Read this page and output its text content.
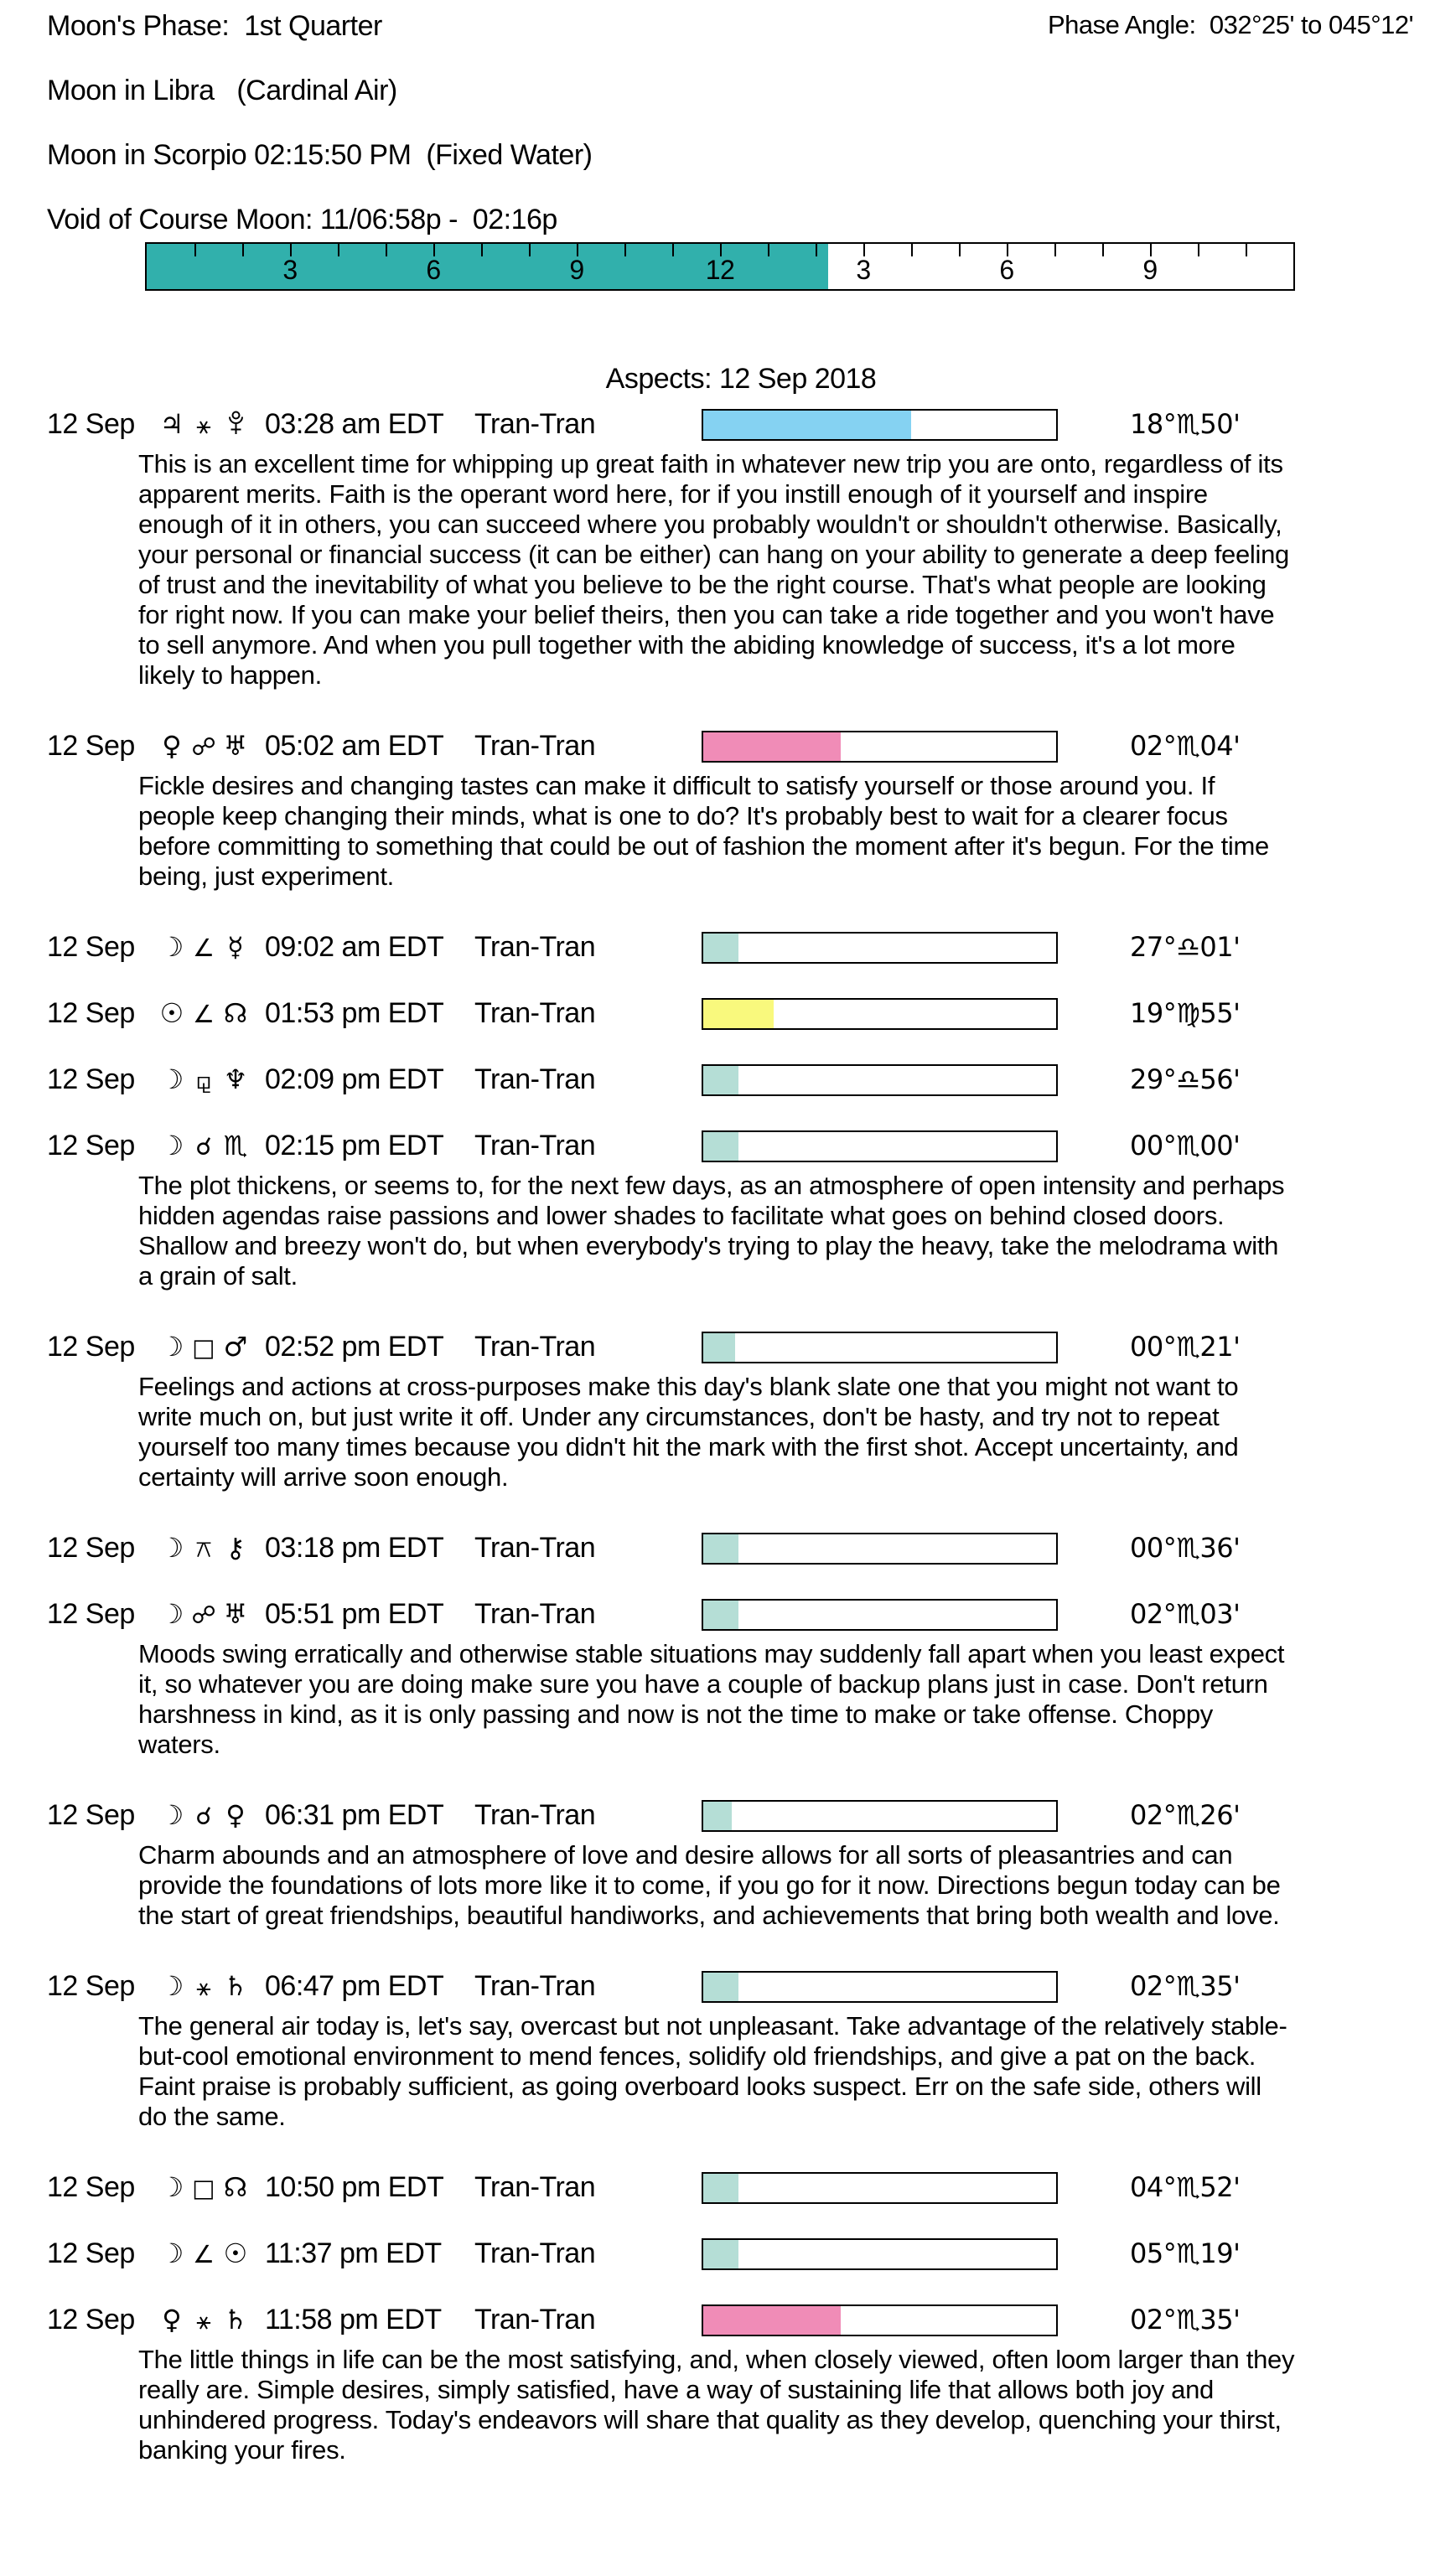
Phase Angle:  032°25' to 045°12'
Moon's Phase:  1st Quarter
Moon in Libra   (Cardinal Air)
Moon in Scorpio 02:15:50 PM  (Fixed Water)
Void of Course Moon: 11/06:58p -  02:16p
3	6	9	12	3	6	9
Aspects: 12 Sep 2018
12 Sep ♃ ⚹ 03:28 am EDT Tran-Tran	18°♏50'
This is an excellent time for whipping up great faith in whatever new trip you are onto, regardless of its apparent merits. Faith is the operant word here, for if you instill enough of it yourself and inspire enough of it in others, you can succeed where you probably wouldn't or shouldn't otherwise. Basically, your personal or financial success (it can be either) can hang on your ability to generate a deep feeling of trust and the inevitability of what you believe to be the right course. That's what people are looking for right now. If you can make your belief theirs, then you can take a ride together and you won't have to sell anymore. And when you pull together with the abiding knowledge of success, it's a lot more likely to happen.
12 Sep ♀ ☍ ♅ 05:02 am EDT Tran-Tran	02°♏04'
Fickle desires and changing tastes can make it difficult to satisfy yourself or those around you. If people keep changing their minds, what is one to do? It's probably best to wait for a clearer focus before committing to something that could be out of fashion the moment after it's begun. For the time being, just experiment.
12 Sep ☽ ∠ ☿ 09:02 am EDT Tran-Tran	27°♎01'
12 Sep ☉ ∠ ☊ 01:53 pm EDT Tran-Tran	19°♍55'
12 Sep ☽ ⚼ ♆ 02:09 pm EDT Tran-Tran	29°♎56'
12 Sep ☽ ☌ ♏ 02:15 pm EDT Tran-Tran	00°♏00'
The plot thickens, or seems to, for the next few days, as an atmosphere of open intensity and perhaps hidden agendas raise passions and lower shades to facilitate what goes on behind closed doors. Shallow and breezy won't do, but when everybody's trying to play the heavy, take the melodrama with a grain of salt.
12 Sep ☽ □ ♂ 02:52 pm EDT Tran-Tran	00°♏21'
Feelings and actions at cross-purposes make this day's blank slate one that you might not want to write much on, but just write it off. Under any circumstances, don't be hasty, and try not to repeat yourself too many times because you didn't hit the mark with the first shot. Accept uncertainty, and certainty will arrive soon enough.
12 Sep ☽ ⚻ ⚷ 03:18 pm EDT Tran-Tran	00°♏36'
12 Sep ☽ ☍ ♅ 05:51 pm EDT Tran-Tran	02°♏03'
Moods swing erratically and otherwise stable situations may suddenly fall apart when you least expect it, so whatever you are doing make sure you have a couple of backup plans just in case. Don't return harshness in kind, as it is only passing and now is not the time to make or take offense. Choppy waters.
12 Sep ☽ ☌ ♀ 06:31 pm EDT Tran-Tran	02°♏26'
Charm abounds and an atmosphere of love and desire allows for all sorts of pleasantries and can provide the foundations of lots more like it to come, if you go for it now. Directions begun today can be the start of great friendships, beautiful handiworks, and achievements that bring both wealth and love.
12 Sep ☽ ⚹ ♄ 06:47 pm EDT Tran-Tran	02°♏35'
The general air today is, let's say, overcast but not unpleasant. Take advantage of the relatively stable-but-cool emotional environment to mend fences, solidify old friendships, and give a pat on the back. Faint praise is probably sufficient, as going overboard looks suspect. Err on the safe side, others will do the same.
12 Sep ☽ □ ☊ 10:50 pm EDT Tran-Tran	04°♏52'
12 Sep ☽ ∠ ☉ 11:37 pm EDT Tran-Tran	05°♏19'
12 Sep ♀ ⚹ ♄ 11:58 pm EDT Tran-Tran	02°♏35'
The little things in life can be the most satisfying, and, when closely viewed, often loom larger than they really are. Simple desires, simply satisfied, have a way of sustaining life that allows both joy and unhindered progress. Today's endeavors will share that quality as they develop, quenching your thirst, banking your fires.
